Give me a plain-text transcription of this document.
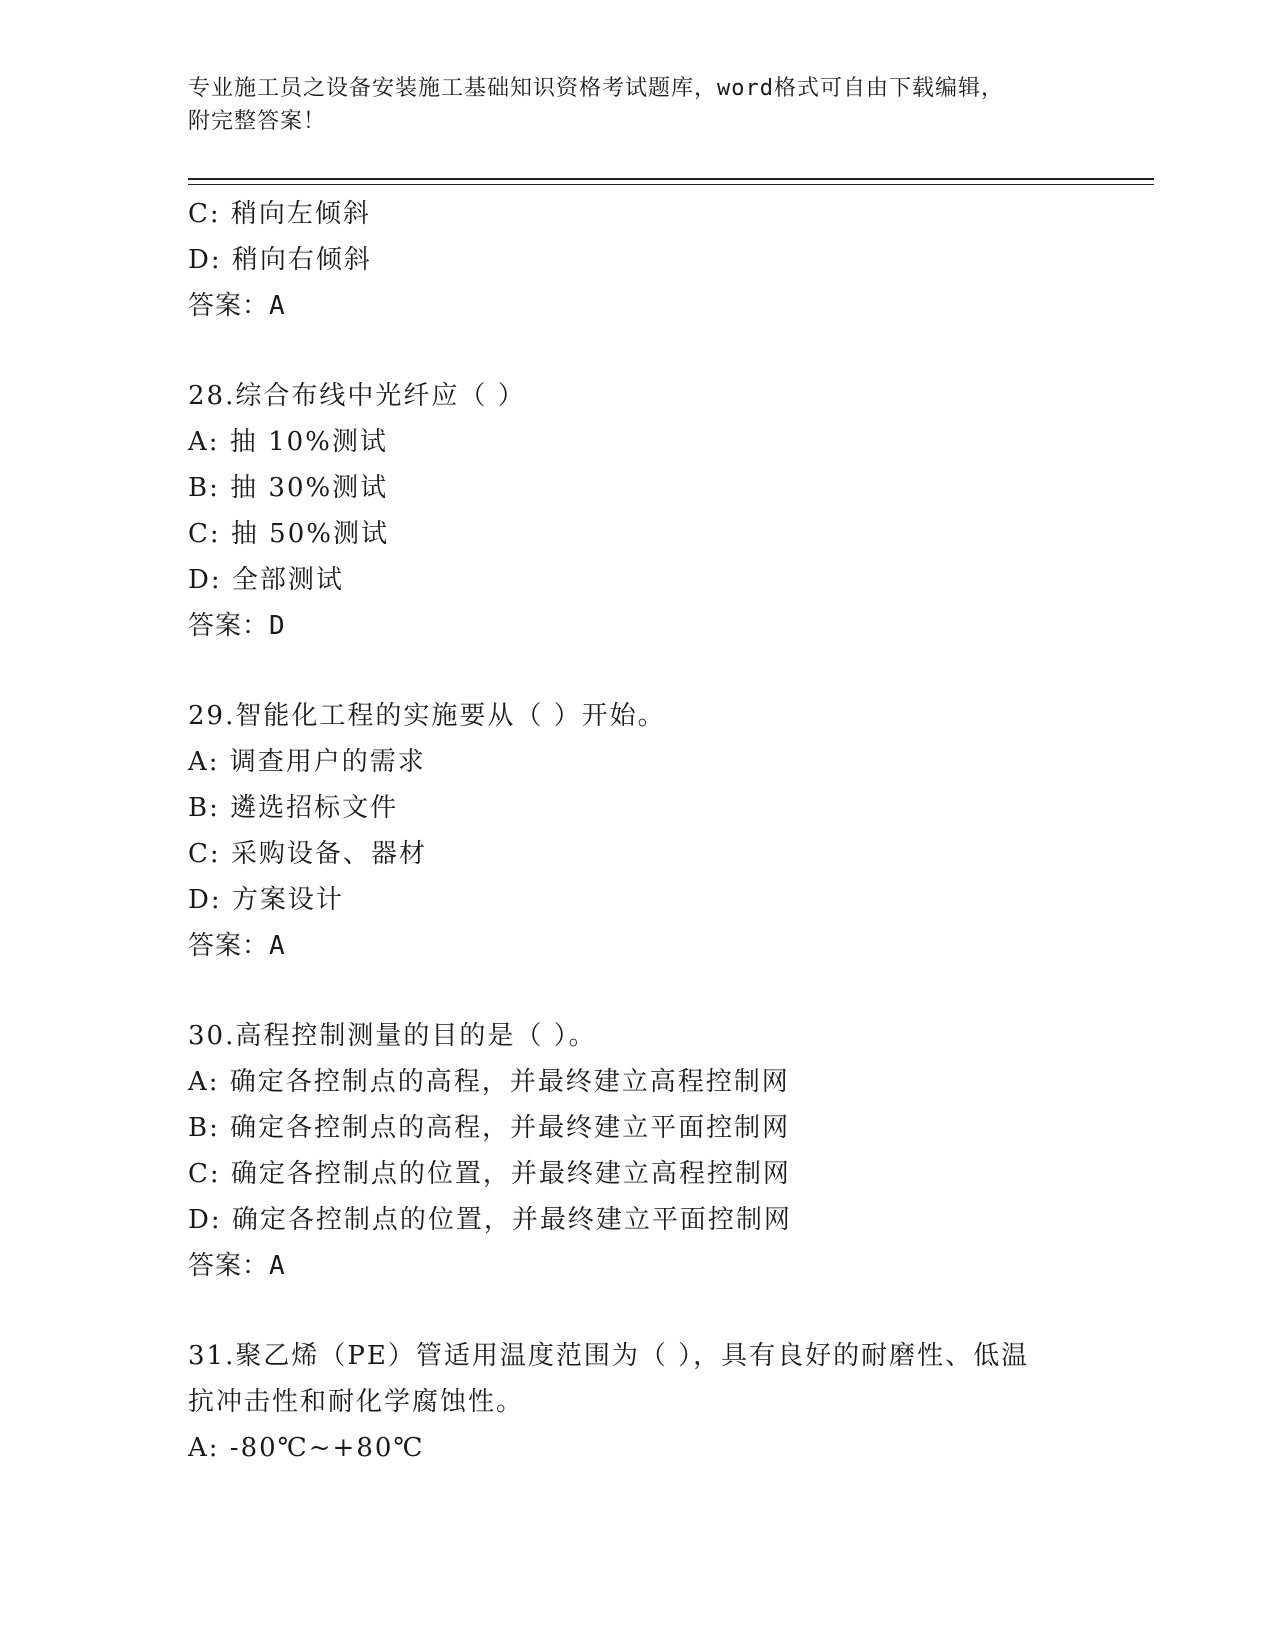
专业施工员之设备安装施工基础知识资格考试题库，word格式可自由下载编辑，
附完整答案！
C: 稍向左倾斜
D: 稍向右倾斜
答案：A
28.综合布线中光纤应（ ）
A: 抽 10%测试
B: 抽 30%测试
C: 抽 50%测试
D: 全部测试
答案：D
29.智能化工程的实施要从（ ）开始。
A: 调查用户的需求
B: 遴选招标文件
C: 采购设备、器材
D: 方案设计
答案：A
30.高程控制测量的目的是（ ）。
A: 确定各控制点的高程，并最终建立高程控制网
B: 确定各控制点的高程，并最终建立平面控制网
C: 确定各控制点的位置，并最终建立高程控制网
D: 确定各控制点的位置，并最终建立平面控制网
答案：A
31.聚乙烯（PE）管适用温度范围为（ ），具有良好的耐磨性、低温
抗冲击性和耐化学腐蚀性。
A: -80℃~+80℃
